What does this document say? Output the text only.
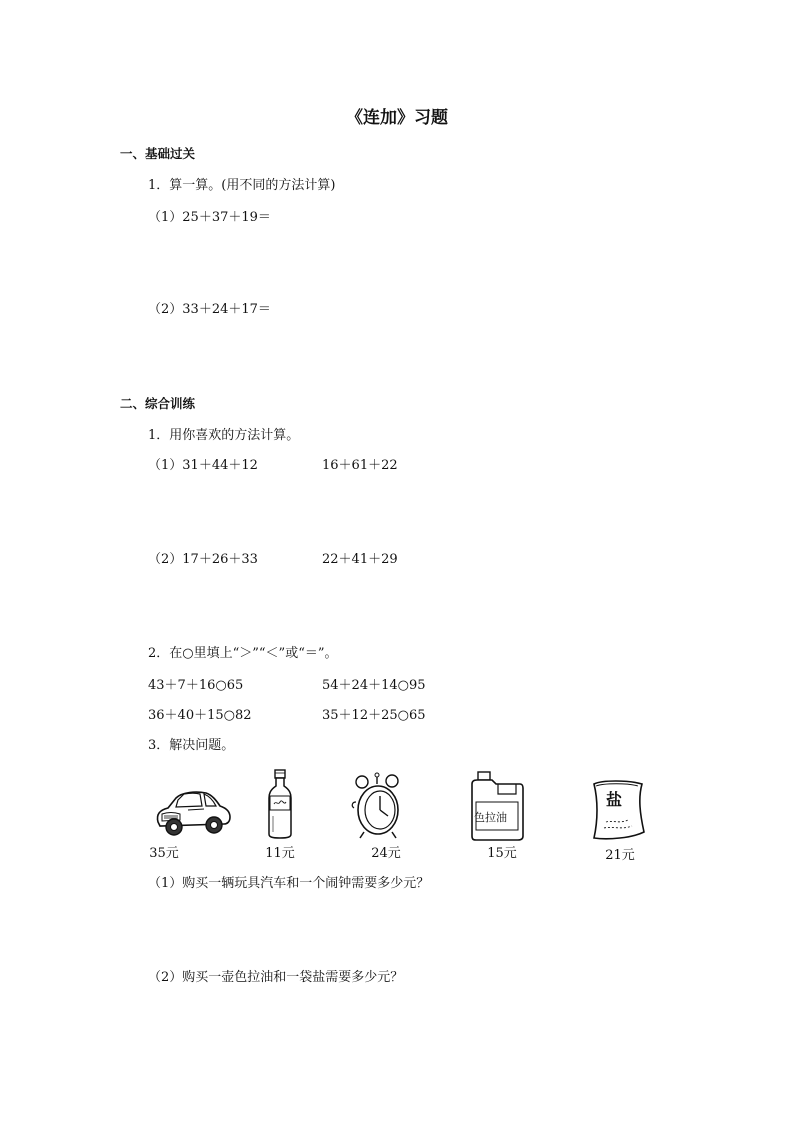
《连加》习题
一、基础过关
1．算一算。(用不同的方法计算)
（1）25＋37＋19＝
（2）33＋24＋17＝
二、综合训练
1．用你喜欢的方法计算。
（1）31＋44＋12	16＋61＋22
（2）17＋26＋33	22＋41＋29
2．在○里填上“＞”“＜”或“＝”。
43＋7＋16○65	54＋24＋14○95
36＋40＋15○82	35＋12＋25○65
3．解决问题。
35元	11元	24元
色拉油
15元
盐
21元
（1）购买一辆玩具汽车和一个闹钟需要多少元？
（2）购买一壶色拉油和一袋盐需要多少元？
